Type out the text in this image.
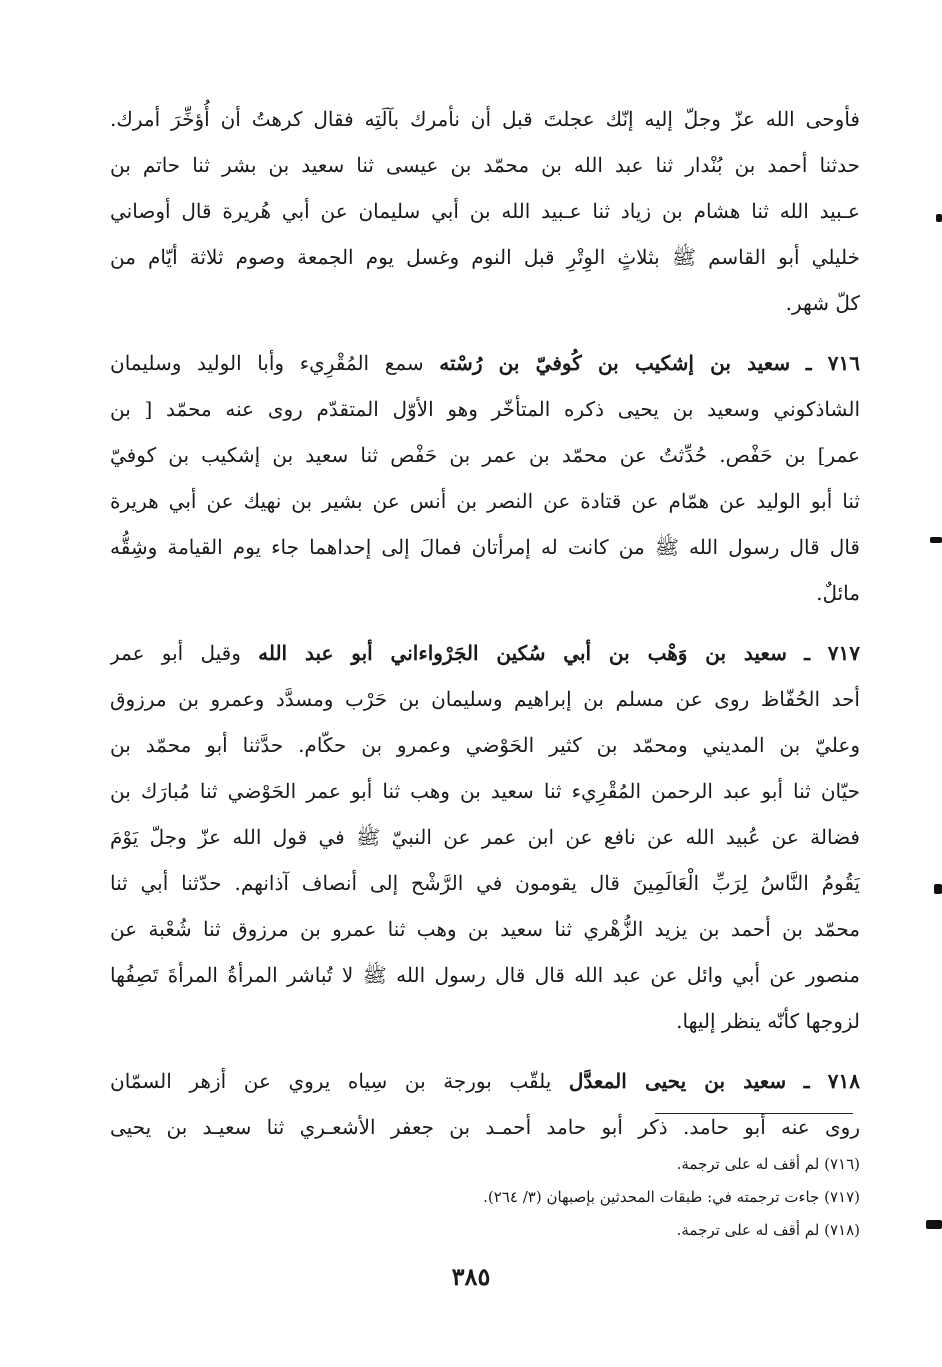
فأوحى الله عزّ وجلّ إليه إنّك عجلتَ قبل أن نأمرك بآلَتِه فقال كرهتُ أن أُؤخِّرَ أمرك.
حدثنا أحمد بن بُنْدار ثنا عبد الله بن محمّد بن عيسى ثنا سعيد بن بشر ثنا حاتم بن
عـبيد الله ثنا هشام بن زياد ثنا عـبيد الله بن أبي سليمان عن أبي هُريرة قال أوصاني
خليلي أبو القاسم ﷺ بثلاثٍ الوِتْرِ قبل النوم وغسل يوم الجمعة وصوم ثلاثة أيّام من
كلّ شهر.
٧١٦ ـ سعيد بن إشكيب بن كُوفيّ بن رُسْته سمع المُقْرِيء وأبا الوليد وسليمان
الشاذكوني وسعيد بن يحيى ذكره المتأخّر وهو الأوّل المتقدّم روى عنه محمّد [ بن
عمر] بن حَفْص. حُدِّثتُ عن محمّد بن عمر بن حَفْص ثنا سعيد بن إشكيب بن كوفيّ
ثنا أبو الوليد عن همّام عن قتادة عن النصر بن أنس عن بشير بن نهيك عن أبي هريرة
قال قال رسول الله ﷺ من كانت له إمرأتان فمالَ إلى إحداهما جاء يوم القيامة وشِقُّه
مائلٌ.
٧١٧ ـ سعيد بن وَهْب بن أبي سُكين الجَرْواءاني أبو عبد الله وقيل أبو عمر
أحد الحُفّاظ روى عن مسلم بن إبراهيم وسليمان بن حَرْب ومسدَّد وعمرو بن مرزوق
وعليّ بن المديني ومحمّد بن كثير الحَوْضي وعمرو بن حكّام. حدَّثنا أبو محمّد بن
حيّان ثنا أبو عبد الرحمن المُقْرِيء ثنا سعيد بن وهب ثنا أبو عمر الحَوْضي ثنا مُبارَك بن
فضالة عن عُبيد الله عن نافع عن ابن عمر عن النبيّ ﷺ في قول الله عزّ وجلّ يَوْمَ
يَقُومُ النَّاسُ لِرَبِّ الْعَالَمِينَ قال يقومون في الرَّشْح إلى أنصاف آذانهم. حدّثنا أبي ثنا
محمّد بن أحمد بن يزيد الزُّهْري ثنا سعيد بن وهب ثنا عمرو بن مرزوق ثنا شُعْبة عن
منصور عن أبي وائل عن عبد الله قال قال رسول الله ﷺ لا تُباشر المرأةُ المرأةَ تَصِفُها
لزوجها كأنّه ينظر إليها.
٧١٨ ـ سعيد بن يحيى المعدَّل يلقّب بورجة بن سِياه يروي عن أزهر السمّان
روى عنه أبو حامد. ذكر أبو حامد أحمـد بن جعفر الأشعـري ثنا سعيـد بن يحيى
(٧١٦) لم أقف له على ترجمة.
(٧١٧) جاءت ترجمته في: طبقات المحدثين بإصبهان (٣/ ٢٦٤).
(٧١٨) لم أقف له على ترجمة.
٣٨٥
